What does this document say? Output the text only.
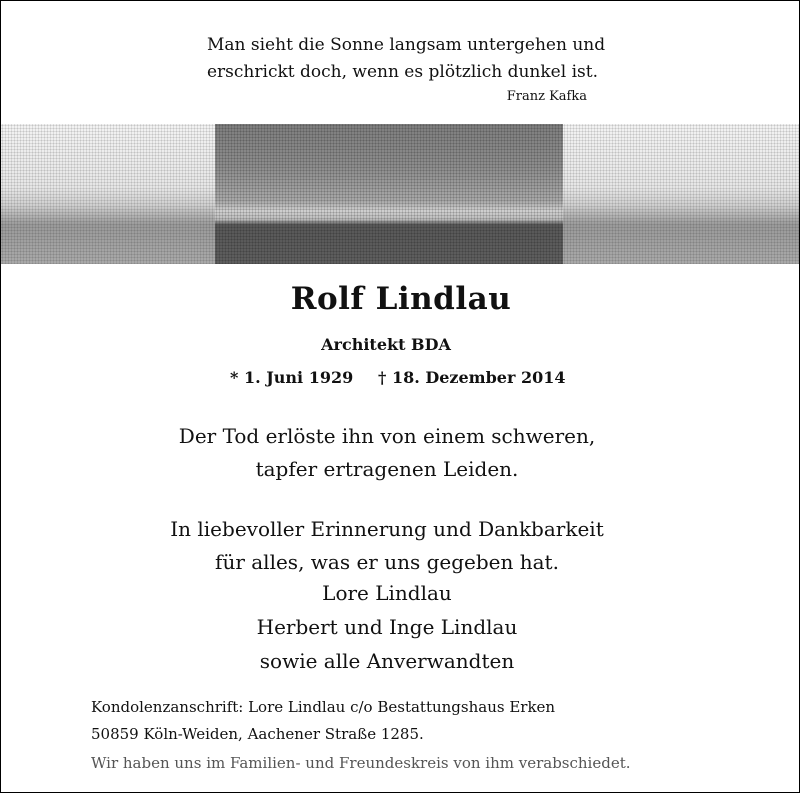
Man sieht die Sonne langsam untergehen und
erschrickt doch, wenn es plötzlich dunkel ist.
Franz Kafka
Rolf Lindlau
Architekt BDA
* 1. Juni 1929 † 18. Dezember 2014
Der Tod erlöste ihn von einem schweren,
tapfer ertragenen Leiden.
In liebevoller Erinnerung und Dankbarkeit
für alles, was er uns gegeben hat.
Lore Lindlau
Herbert und Inge Lindlau
sowie alle Anverwandten
Kondolenzanschrift: Lore Lindlau c/o Bestattungshaus Erken
50859 Köln-Weiden, Aachener Straße 1285.
Wir haben uns im Familien- und Freundeskreis von ihm verabschiedet.
